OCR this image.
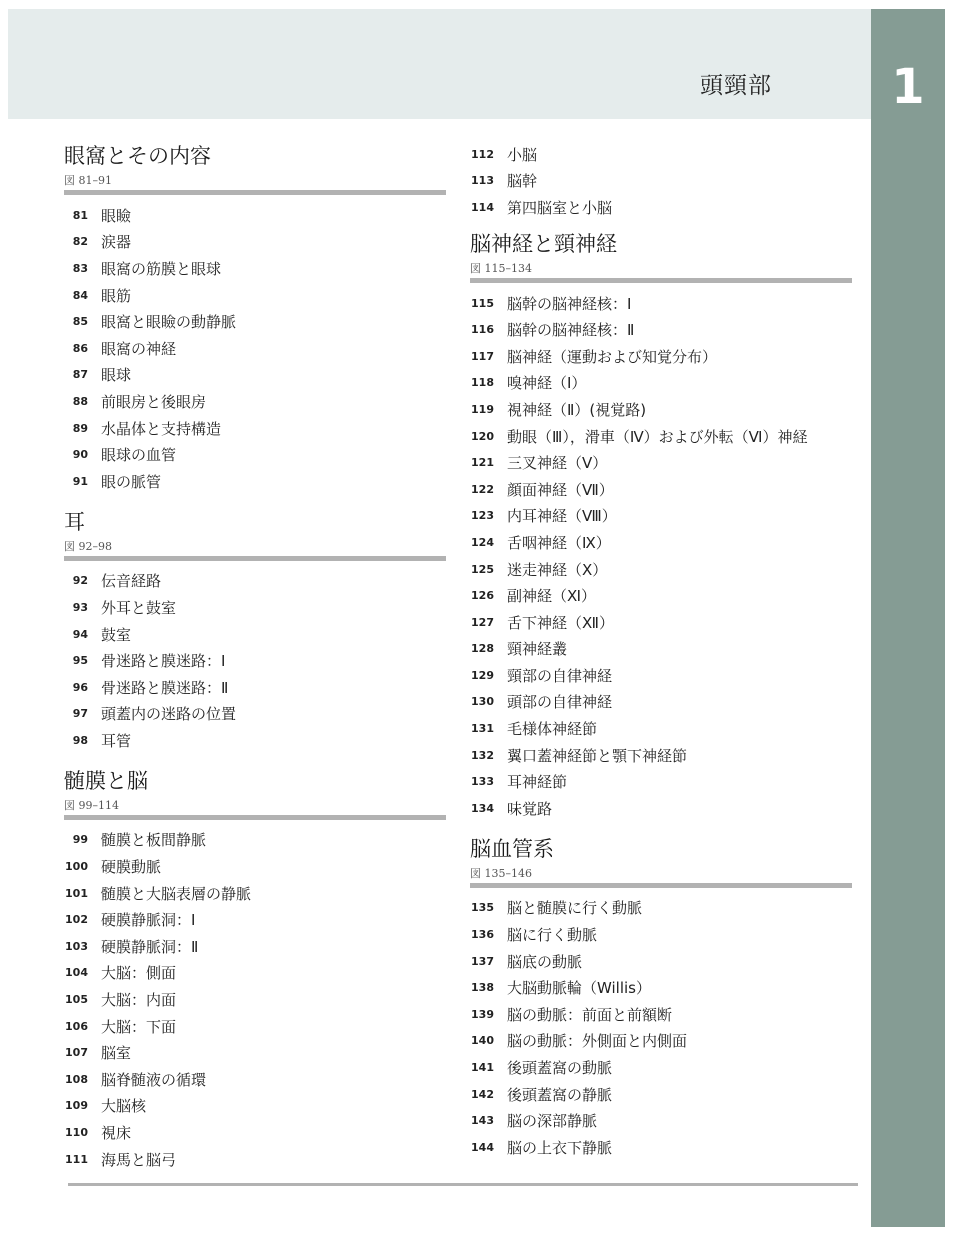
頭頸部	1
眼窩とその内容
図 81–91
81 眼瞼
82 涙器
83 眼窩の筋膜と眼球
84 眼筋
85 眼窩と眼瞼の動静脈
86 眼窩の神経
87 眼球
88 前眼房と後眼房
89 水晶体と支持構造
90 眼球の血管
91 眼の脈管
耳
図 92–98
92 伝音経路
93 外耳と鼓室
94 鼓室
95 骨迷路と膜迷路：Ⅰ
96 骨迷路と膜迷路：Ⅱ
97 頭蓋内の迷路の位置
98 耳管
髄膜と脳
図 99–114
99 髄膜と板間静脈
100 硬膜動脈
101 髄膜と大脳表層の静脈
102 硬膜静脈洞：Ⅰ
103 硬膜静脈洞：Ⅱ
104 大脳：側面
105 大脳：内面
106 大脳：下面
107 脳室
108 脳脊髄液の循環
109 大脳核
110 視床
111 海馬と脳弓
112 小脳
113 脳幹
114 第四脳室と小脳
脳神経と頸神経
図 115–134
115 脳幹の脳神経核：Ⅰ
116 脳幹の脳神経核：Ⅱ
117 脳神経（運動および知覚分布）
118 嗅神経（Ⅰ）
119 視神経（Ⅱ）(視覚路)
120 動眼（Ⅲ），滑車（Ⅳ）および外転（Ⅵ）神経
121 三叉神経（Ⅴ）
122 顔面神経（Ⅶ）
123 内耳神経（Ⅷ）
124 舌咽神経（Ⅸ）
125 迷走神経（Ⅹ）
126 副神経（Ⅺ）
127 舌下神経（Ⅻ）
128 頸神経叢
129 頸部の自律神経
130 頭部の自律神経
131 毛様体神経節
132 翼口蓋神経節と顎下神経節
133 耳神経節
134 味覚路
脳血管系
図 135–146
135 脳と髄膜に行く動脈
136 脳に行く動脈
137 脳底の動脈
138 大脳動脈輪（Willis）
139 脳の動脈：前面と前額断
140 脳の動脈：外側面と内側面
141 後頭蓋窩の動脈
142 後頭蓋窩の静脈
143 脳の深部静脈
144 脳の上衣下静脈
